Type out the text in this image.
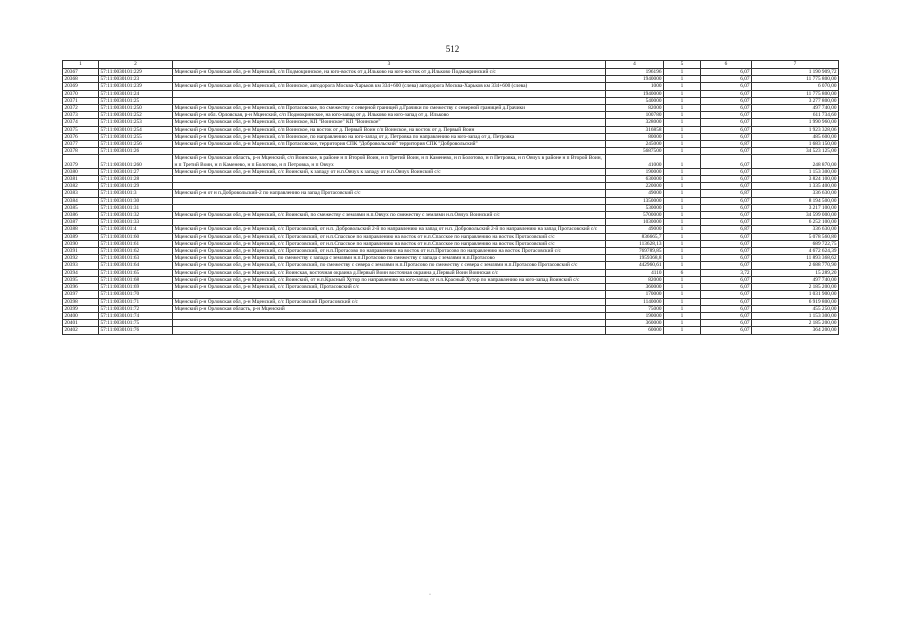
512
1	2	3	4	5	6	7
20367	57:11:0030101:229	Мценский р-н Орловская обл, р-н Мценский, с/п Подмокринское, на юго-восток от д.Ильково на юго-восток от д.Ильково Подмокринский с/с	196196	1	6,07	1 190 909,72
20368	57:11:0030101:23		1940000	1	6,07	11 775 800,00
20369	57:11:0030101:239	Мценский р-н Орловская обл, р-н Мценский, с/п Воинское, автодорога Москва-Харьков км 334+600 (слева) автодорога Москва-Харьков км 334+600 (слева)	1000	1	6,07	6 070,00
20370	57:11:0030101:24		1940000	1	6,07	11 775 800,00
20371	57:11:0030101:25		540000	1	6,07	3 277 800,00
20372	57:11:0030101:250	Мценский р-н Орловская обл, р-н Мценский, с/п Протасовское, по смежеству с северной границей д.Грачики по смежеству с северной границей д.Грачики	82000	1	6,07	497 740,00
20373	57:11:0030101:252	Мценский р-н обл. Орловская, р-н Мценский, с/п Подмокринское, на юго-запад от д. Ильково на юго-запад от д. Ильково	100780	1	6,07	611 734,60
20374	57:11:0030101:253	Мценский р-н Орловская обл, р-н Мценский, с/п Воинское, КП "Воинское" КП "Воинское"	328000	1	6,07	1 990 960,00
20375	57:11:0030101:254	Мценский р-н Орловская обл, р-н Мценский, с/п Воинское, на восток от д. Первый Воин с/п Воинское, на восток от д. Первый Воин	316858	1	6,07	1 923 328,06
20376	57:11:0030101:255	Мценский р-н Орловская обл, р-н Мценский, с/п Воинское, по направлению на юго-запад от д. Петровка по направлению на юго-запад от д. Петровка	80000	1	6,07	485 600,00
20377	57:11:0030101:256	Мценский р-н Орловская обл, р-н Мценский, с/п Протасовское, территория СПК "Добровольский" территория СПК "Добровольский"	245000	1	6,87	1 683 150,00
20378	57:11:0030101:26		5687500	1	6,07	34 523 125,00
20379	57:11:0030101:260	Мценский р-н Орловская область, р-н Мценский, с/п Воинское, в районе н п Второй Воин, н п Третий Воин, н п Каменево, н п Болотово, н п Петровка, н п Овчух в районе н п Второй Воин, н п Третий Воин, н п Каменево, н п Болотово, н п Петровка, н п Овчух	41000	1	6,07	248 870,00
20380	57:11:0030101:27	Мценский р-н Орловская обл, р-н Мценский, с/с Воинский, к западу от н.п.Овчух к западу от н.п.Овчух Воинский с/с	190000	1	6,07	1 153 300,00
20381	57:11:0030101:28		630000	1	6,07	3 824 100,00
20382	57:11:0030101:29		220000	1	6,07	1 335 400,00
20383	57:11:0030101:3	Мценский р-н от н п.Добровольский-2 по направлению на запад Протасовский с/с	49000	1	6,87	336 630,00
20384	57:11:0030101:30		1350000	1	6,07	8 194 500,00
20385	57:11:0030101:31		530000	1	6,07	3 217 100,00
20386	57:11:0030101:32	Мценский р-н Орловская обл, р-н Мценский, с/с Воинский, по смежеству с землями н.п.Овчух по смежеству с землями н.п.Овчух Воинский с/с	5700000	1	6,07	34 599 000,00
20387	57:11:0030101:33		1030000	1	6,07	6 252 100,00
20388	57:11:0030101:4	Мценский р-н Орловская обл, р-н Мценский, с/с Протасовский, от н.п. Добровольский 2-й по направлению на запад от н.п. Добровольский 2-й по направлению на запад Протасовский с/с	49000	1	6,87	336 630,00
20389	57:11:0030101:60	Мценский р-н Орловская обл, р-н Мценский, с/с Протасовский, от н.п.Спасское по направлению на восток от н.п.Спасское по направлению на восток Протасовский с/с	836665,7	1	6,07	5 078 560,80
20390	57:11:0030101:61	Мценский р-н Орловская обл, р-н Мценский, с/с Протасовский, от н.п.Спасское по направлению на восток от н.п.Спасское по направлению на восток Протасовский с/с	113628,13	1	6,07	689 722,75
20391	57:11:0030101:62	Мценский р-н Орловская обл, р-н Мценский, с/с Протасовский, от н.п.Протасово по направлению на восток от н.п.Протасово по направлению на восток Протасовский с/с	769789,85	1	6,07	4 672 624,39
20392	57:11:0030101:63	Мценский р-н Орловская обл, р-н Мценский, по смежеству с запада с землями н.п.Протасово по смежеству с запада с землями н.п.Протасово	1959368,8	1	6,07	11 893 368,62
20393	57:11:0030101:64	Мценский р-н Орловская обл, р-н Мценский, с/с Протасовский, по смежеству с севера с землями н.п.Протасово по смежеству с севера с землями н.п.Протасово Протасовский с/с	442960,61	1	6,07	2 688 770,90
20394	57:11:0030101:65	Мценский р-н Орловская обл, р-н Мценский, с/с Воинская, восточная окраина д.Первый Воин восточная окраина д.Первый Воин Воинская с/с	4110	6	3,72	15 289,20
20395	57:11:0030101:68	Мценский р-н Орловская обл, р-н Мценский, с/с Воинский, от н.п.Красный Хутор по направлению на юго-запад от н.п.Красный Хутор по направлению на юго-запад Воинский с/с	82000	1	6,07	497 740,00
20396	57:11:0030101:69	Мценский р-н Орловская обл, р-н Мценский, с/с Протасовский, Протасовский с/с	360000	1	6,07	2 185 200,00
20397	57:11:0030101:70		170000	1	6,07	1 031 900,00
20398	57:11:0030101:71	Мценский р-н Орловская обл, р-н Мценский, с/с Протасовский Протасовский с/с	1140000	1	6,07	6 919 800,00
20399	57:11:0030101:72	Мценский р-н Орловская область, р-н Мценский	75000	1	6,07	455 250,00
20400	57:11:0030101:74		190000	1	6,07	1 153 300,00
20401	57:11:0030101:75		360000	1	6,07	2 185 200,00
20402	57:11:0030101:76		60000	1	6,07	364 200,00
·
